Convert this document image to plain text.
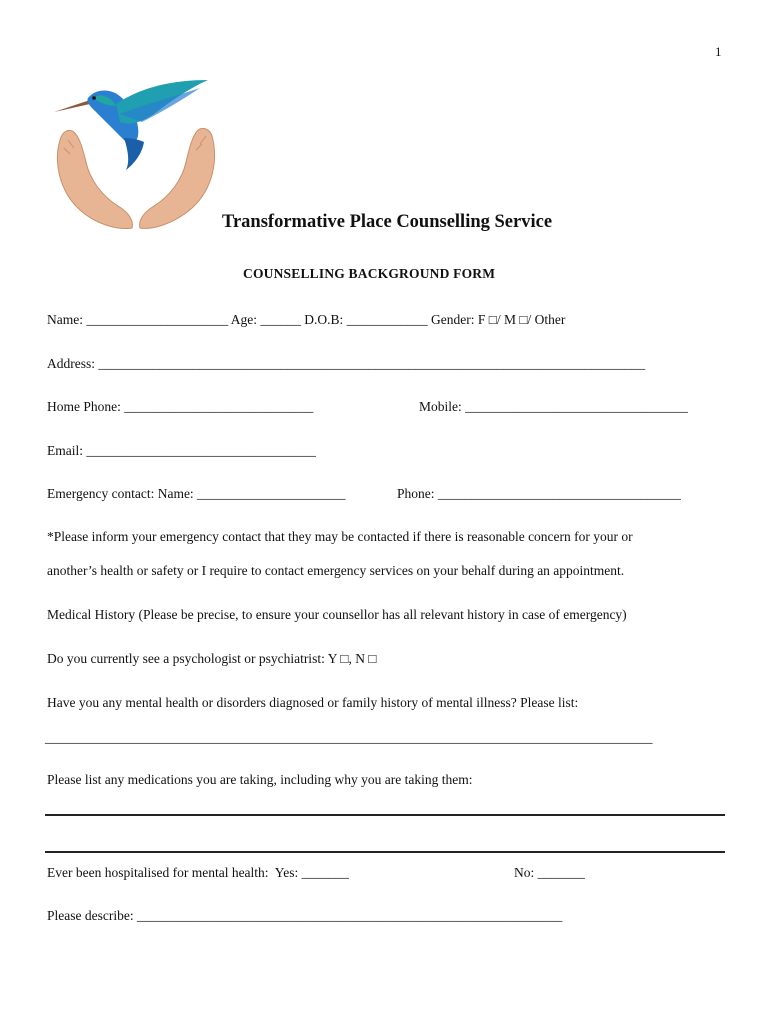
1
Transformative Place Counselling Service
COUNSELLING BACKGROUND FORM
Name: _____________________ Age: ______ D.O.B: ____________ Gender: F □/ M □/ Other
Address: _________________________________________________________________________________
Home Phone: ____________________________	Mobile: _________________________________
Email: __________________________________
Emergency contact: Name: ______________________	Phone: ____________________________________
*Please inform your emergency contact that they may be contacted if there is reasonable concern for your or
another’s health or safety or I require to contact emergency services on your behalf during an appointment.
Medical History (Please be precise, to ensure your counsellor has all relevant history in case of emergency)
Do you currently see a psychologist or psychiatrist: Y □, N □
Have you any mental health or disorders diagnosed or family history of mental illness? Please list:
__________________________________________________________________________________________
Please list any medications you are taking, including why you are taking them:
Ever been hospitalised for mental health:  Yes: _______	No: _______
Please describe: _______________________________________________________________
